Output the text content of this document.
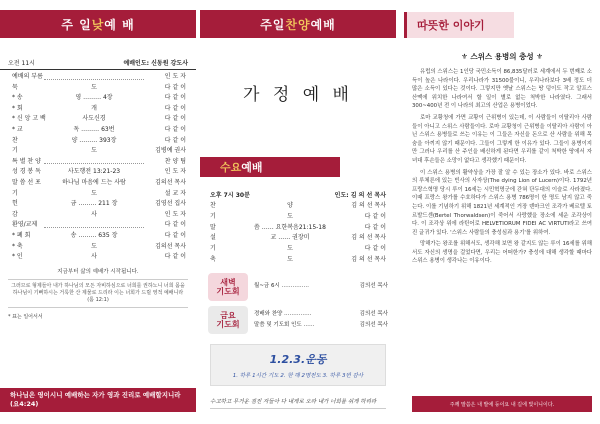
주 일 낮 예 배
오전 11시	예배인도: 신동원 강도사
예배의 부름	인 도 자
묵	도	다 같 이
* 송	영 ……… 4장	다 같 이
* 회	개	다 같 이
* 신 앙 고 백	사도신경	다 같 이
* 교	독 ……… 63번	다 같 이
찬	양 ……… 393장	다 같 이
기	도	김병예 권사
특 별 찬 양	찬 양 팀
성 경 봉 독	사도행전 13:21-23	인 도 자
말 씀 선 포	하나님 마음에 드는 사람	김의선 목사
기	도	설 교 자
헌	금 ……… 211 장	김영선 집사
감	사	인 도 자
환영/교제	다 같 이
* 폐 회	송 ……… 635 장	다 같 이
* 축	도	김의선 목사
* 인	사	다 같 이
지금부터 삶의 예배가 시작됩니다.
그러므로 형제들아 내가 하나님의 모든 자비하심으로 너희를 권하노니 너희 몸을 하나님이 기뻐하시는 거룩한 산 제물로 드리라 이는 너희가 드릴 영적 예배니라(롬 12:1)
* 표는 일어서서
하나님은 영이시니 예배하는 자가 영과 진리로 예배할지니라 (요4:24)
주일 찬양 예배
가 정 예 배
수요 예배
오후 7시 30분	인도: 김 의 선 목사
찬	양	김 의 선 목사
기	도	다 같 이
말	씀 …… 요한복음21:15-18	다 같 이
설	교 …… 권장미	김 의 선 목사
기	도	다 같 이
축	도	김 의 선 목사
새벽
기도회
월~금 6시 ……………	김의선 목사
금요
기도회
경배와 찬양 ……………	김의선 목사
말씀 및 기도회 인도 ……	김의선 목사
1.2.3.운동
1. 하루 1시간 기도 2. 한 해 2명전도 3. 하루 3번 감사
수고하고 무거운 짐진 자들아 다 내게로 오라 내가 너희를 쉬게 하리라
따뜻한 이야기
⚜ 스위스 용병의 충성 ⚜

유럽의 스위스는 1인당 국민소득이 86,835달러로 세계에서 두 번째로 소득이 높은 나라이다. 우리나라가 31500불이니, 우리나라보다 3배 정도 더 많은 소득이 있다는 것이다. 그렇지만 옛날 스위스는 땅 덩이도 작고 알프스 산맥에 위치한 나라여서 할 일이 별로 없는 척박한 나라였다. 그래서 300~400년 전 이 나라의 최고의 산업은 용병이었다.

로마 교황청에 가면 교황이 근위병이 있는데, 이 사람들이 이탈리아 사람들이 아니고 스위스 사람들이다. 로마 교황청이 근위병을 이탈리아 사람이 아닌 스위스 용병들로 쓰는 이유는 이 그들은 자신을 돈으로 산 사람을 위해 목숨을 아끼지 않기 때문이다. 그들이 그렇게 한 이유가 있다. 그들이 용병이지만 그러나 우리를 산 주인을 배신하게 된다면 우리를 같이 척박한 땅에서 자녀대 후손들은 소망이 없다고 생각했기 때문이다.

이 스위스 용병의 활약상을 가장 잘 알 수 있는 장소가 있다. 바로 스위스의 루체른에 있는 빈사의 사자상(The dying Lion of Lucern)이다. 1792년 프랑스혁명 당시 루이 16세는 시민혁명군에 갇혀 단두대의 이슬로 사라졌다. 이때 프랑스 왕가를 수호하다가 스위스 용병 786명이 한 명도 남지 않고 죽는다. 이를 기념하기 위해 1821년 세계적인 거장 덴마크인 조각가 베르텔 토르발드센(Bertel Thorwaldsen)이 죽어서 사랑했을 장소에 세운 조각상이다. 이 조각상 위에 라틴어로 HELVETIORUM FIDEI AC VIRTUTI라고 쓰여진 글귀가 있다. '스위스 사람들의 충성심과 용기'를 위하여.

망해가는 왕조를 위해서도, 생각해 보면 왕 같지도 않는 루이 16세를 위해서도 자신의 생명을 걸었다면, 우리는 어떠한가? 충성에 대해 생각할 때마다 스위스 용병이 생각나는 이유이다.

주께 말씀은 내 발에 등이요 내 길에 빛이니이다.
